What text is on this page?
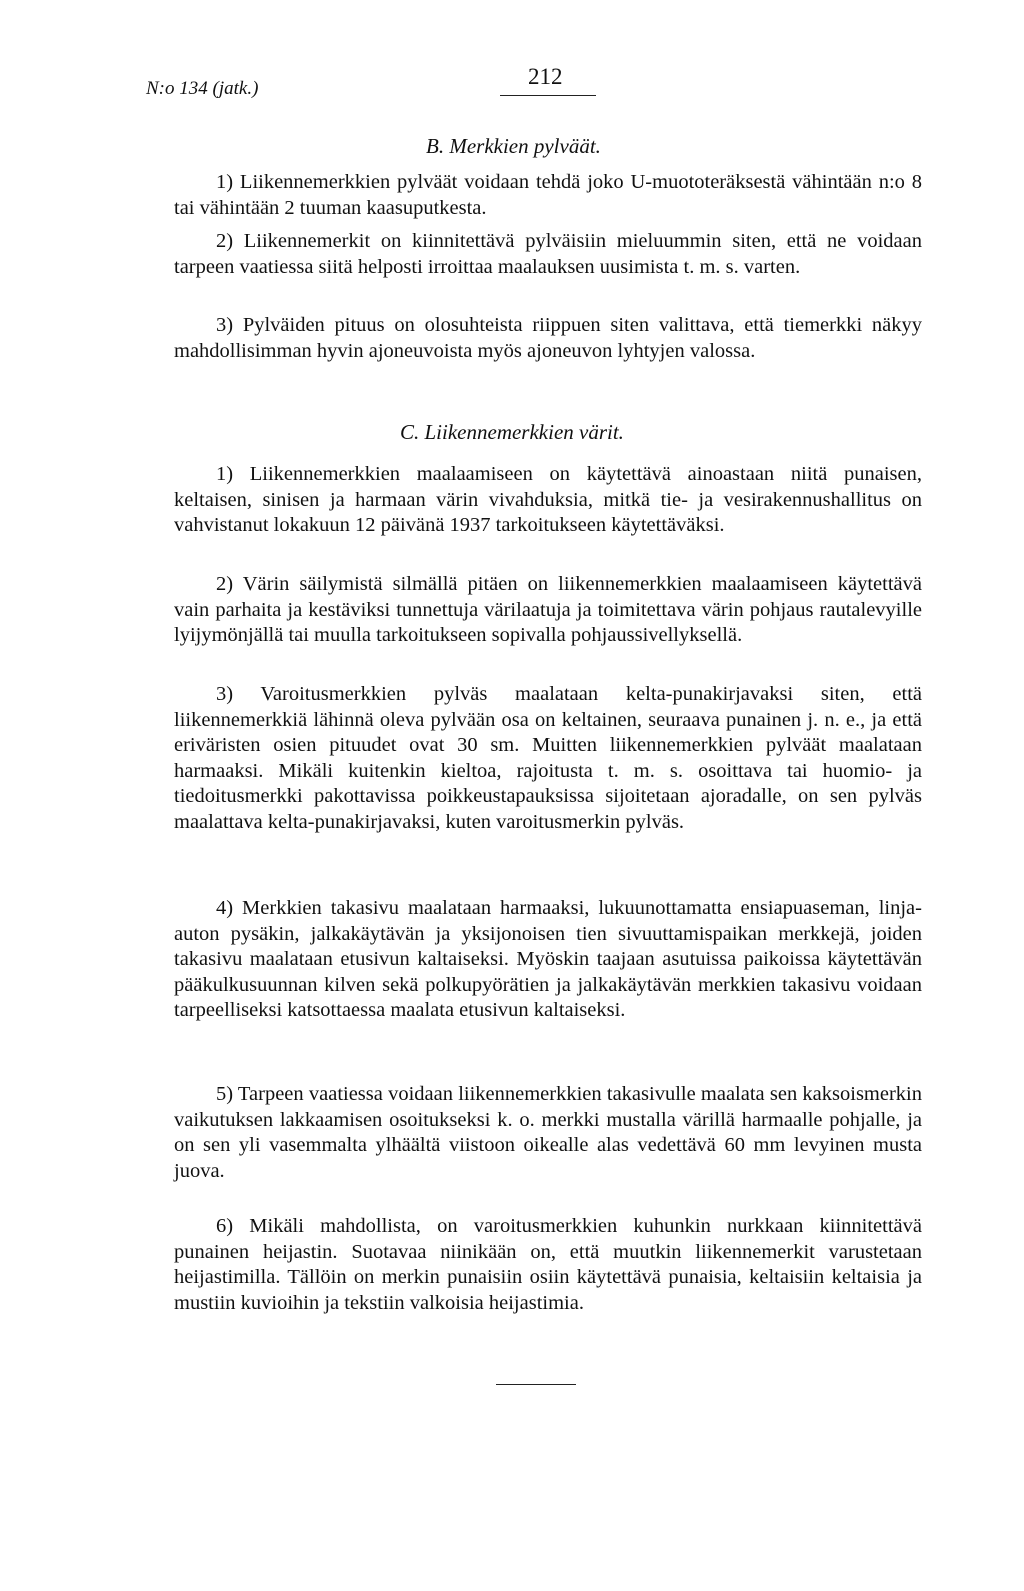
N:o 134 (jatk.)	212
B. Merkkien pylväät.
1) Liikennemerkkien pylväät voidaan tehdä joko U-muototeräksestä vähintään n:o 8 tai vähintään 2 tuuman kaasuputkesta.
2) Liikennemerkit on kiinnitettävä pylväisiin mieluummin siten, että ne voidaan tarpeen vaatiessa siitä helposti irroittaa maalauksen uusimista t. m. s. varten.
3) Pylväiden pituus on olosuhteista riippuen siten valittava, että tiemerkki näkyy mahdollisimman hyvin ajoneuvoista myös ajoneuvon lyhtyjen valossa.
C. Liikennemerkkien värit.
1) Liikennemerkkien maalaamiseen on käytettävä ainoastaan niitä punaisen, keltaisen, sinisen ja harmaan värin vivahduksia, mitkä tie- ja vesirakennushallitus on vahvistanut lokakuun 12 päivänä 1937 tarkoitukseen käytettäväksi.
2) Värin säilymistä silmällä pitäen on liikennemerkkien maalaamiseen käytettävä vain parhaita ja kestäviksi tunnettuja värilaatuja ja toimitettava värin pohjaus rautalevyille lyijymönjällä tai muulla tarkoitukseen sopivalla pohjaussivellyksellä.
3) Varoitusmerkkien pylväs maalataan kelta-punakirjavaksi siten, että liikennemerkkiä lähinnä oleva pylvään osa on keltainen, seuraava punainen j. n. e., ja että eriväristen osien pituudet ovat 30 sm. Muitten liikennemerkkien pylväät maalataan harmaaksi. Mikäli kuitenkin kieltoa, rajoitusta t. m. s. osoittava tai huomio- ja tiedoitusmerkki pakottavissa poikkeustapauksissa sijoitetaan ajoradalle, on sen pylväs maalattava kelta-punakirjavaksi, kuten varoitusmerkin pylväs.
4) Merkkien takasivu maalataan harmaaksi, lukuunottamatta ensiapuaseman, linja-auton pysäkin, jalkakäytävän ja yksijonoisen tien sivuuttamispaikan merkkejä, joiden takasivu maalataan etusivun kaltaiseksi. Myöskin taajaan asutuissa paikoissa käytettävän pääkulkusuunnan kilven sekä polkupyörätien ja jalkakäytävän merkkien takasivu voidaan tarpeelliseksi katsottaessa maalata etusivun kaltaiseksi.
5) Tarpeen vaatiessa voidaan liikennemerkkien takasivulle maalata sen kaksoismerkin vaikutuksen lakkaamisen osoitukseksi k. o. merkki mustalla värillä harmaalle pohjalle, ja on sen yli vasemmalta ylhäältä viistoon oikealle alas vedettävä 60 mm levyinen musta juova.
6) Mikäli mahdollista, on varoitusmerkkien kuhunkin nurkkaan kiinnitettävä punainen heijastin. Suotavaa niinikään on, että muutkin liikennemerkit varustetaan heijastimilla. Tällöin on merkin punaisiin osiin käytettävä punaisia, keltaisiin keltaisia ja mustiin kuvioihin ja tekstiin valkoisia heijastimia.
